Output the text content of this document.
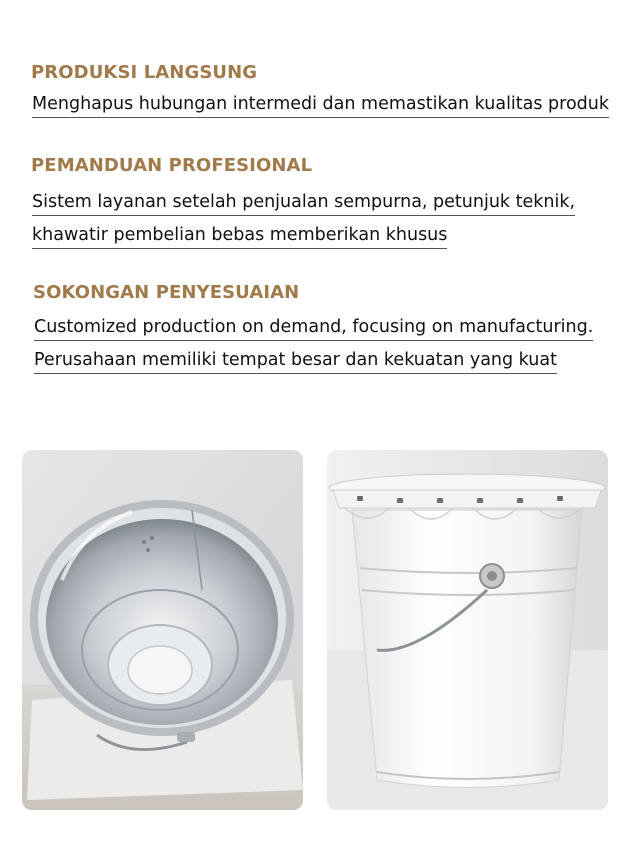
PRODUKSI LANGSUNG

Menghapus hubungan intermedi dan memastikan kualitas produk

PEMANDUAN PROFESIONAL

Sistem layanan setelah penjualan sempurna, petunjuk teknik,

khawatir pembelian bebas memberikan khusus

SOKONGAN PENYESUAIAN

Customized production on demand, focusing on manufacturing.

Perusahaan memiliki tempat besar dan kekuatan yang kuat
